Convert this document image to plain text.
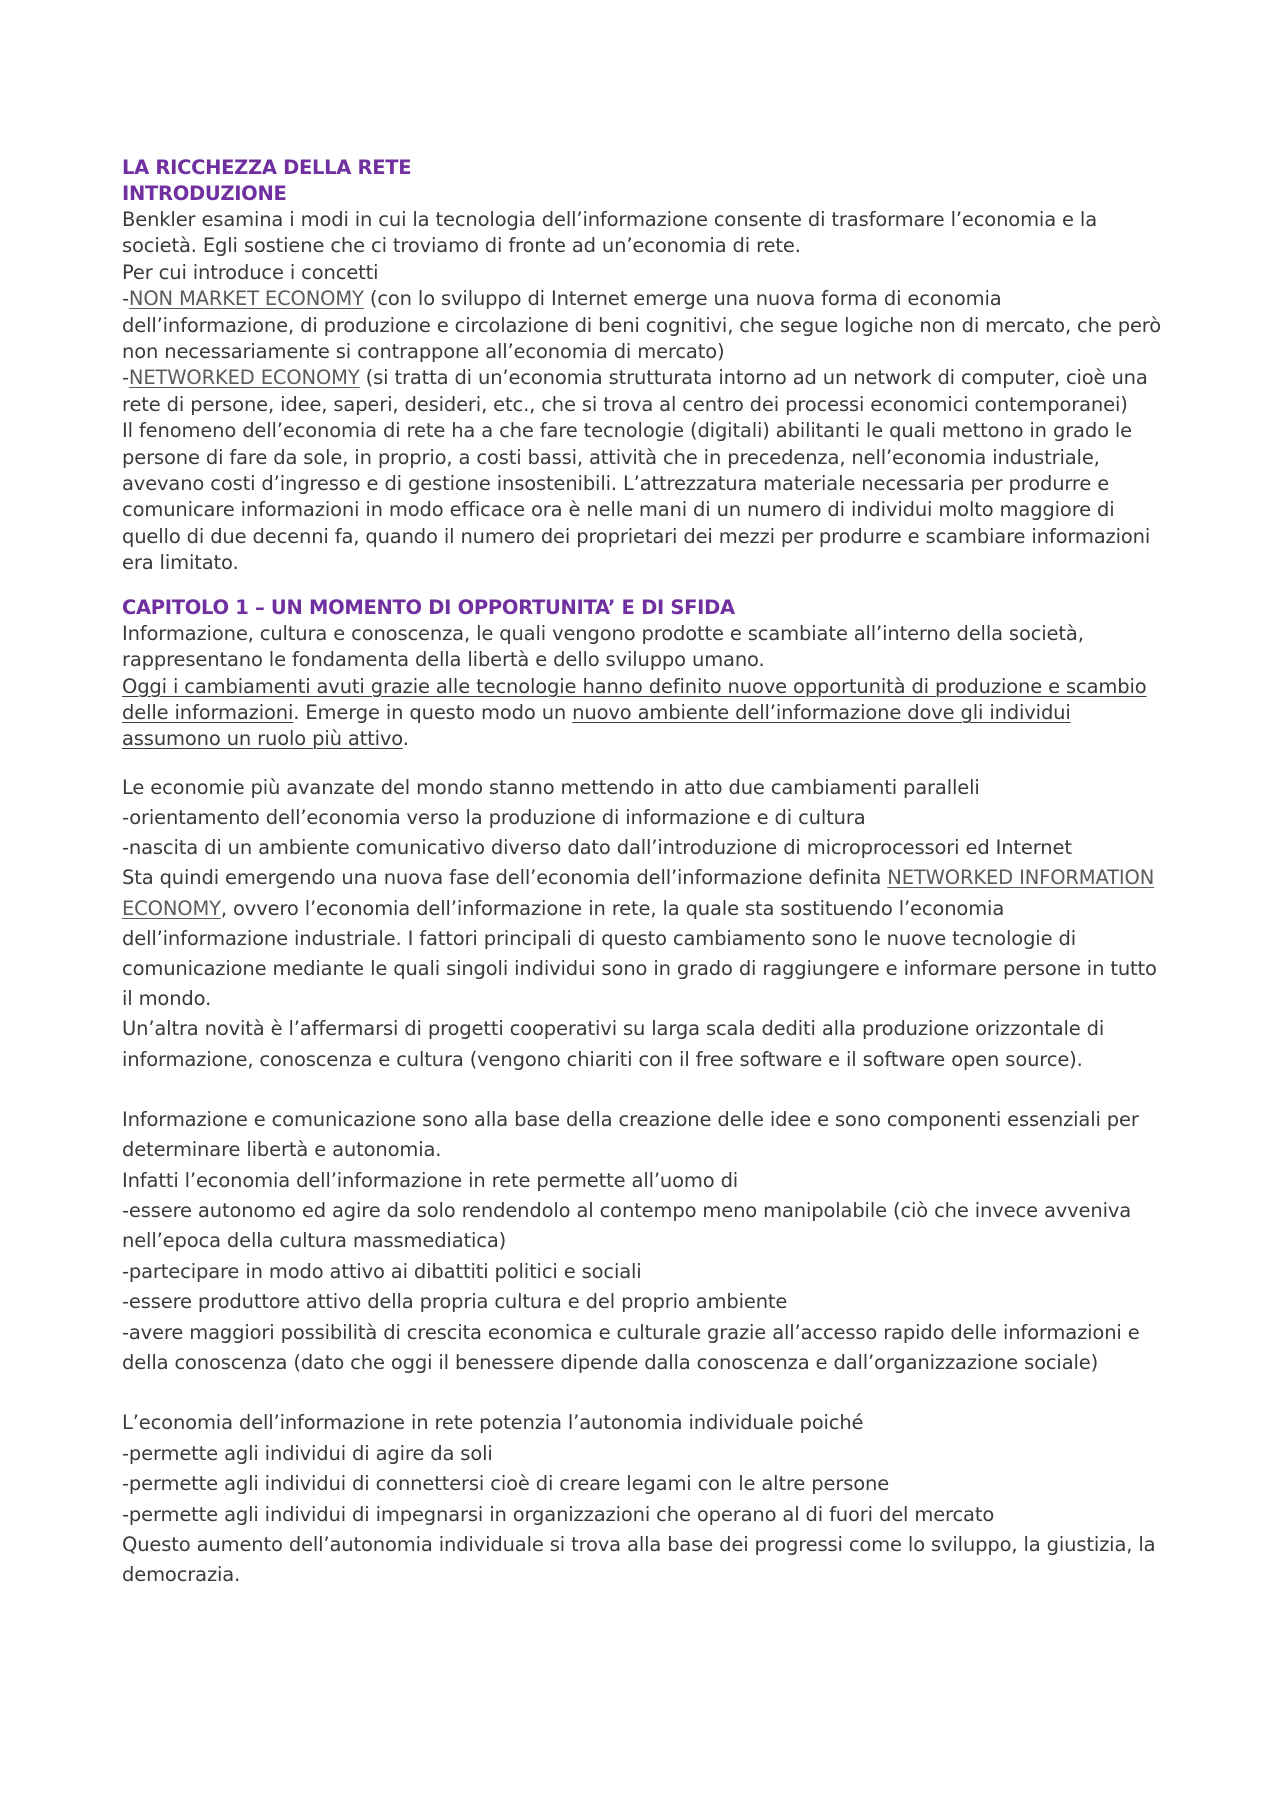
LA RICCHEZZA DELLA RETE
INTRODUZIONE

Benkler esamina i modi in cui la tecnologia dell’informazione consente di trasformare l’economia e la società. Egli sostiene che ci troviamo di fronte ad un’economia di rete.

Per cui introduce i concetti

-NON MARKET ECONOMY (con lo sviluppo di Internet emerge una nuova forma di economia dell’informazione, di produzione e circolazione di beni cognitivi, che segue logiche non di mercato, che però non necessariamente si contrappone all’economia di mercato)

-NETWORKED ECONOMY (si tratta di un’economia strutturata intorno ad un network di computer, cioè una rete di persone, idee, saperi, desideri, etc., che si trova al centro dei processi economici contemporanei)

Il fenomeno dell’economia di rete ha a che fare tecnologie (digitali) abilitanti le quali mettono in grado le persone di fare da sole, in proprio, a costi bassi, attività che in precedenza, nell’economia industriale, avevano costi d’ingresso e di gestione insostenibili. L’attrezzatura materiale necessaria per produrre e comunicare informazioni in modo efficace ora è nelle mani di un numero di individui molto maggiore di quello di due decenni fa, quando il numero dei proprietari dei mezzi per produrre e scambiare informazioni era limitato.

CAPITOLO 1 – UN MOMENTO DI OPPORTUNITA’ E DI SFIDA

Informazione, cultura e conoscenza, le quali vengono prodotte e scambiate all’interno della società, rappresentano le fondamenta della libertà e dello sviluppo umano.

Oggi i cambiamenti avuti grazie alle tecnologie hanno definito nuove opportunità di produzione e scambio delle informazioni. Emerge in questo modo un nuovo ambiente dell’informazione dove gli individui assumono un ruolo più attivo.

Le economie più avanzate del mondo stanno mettendo in atto due cambiamenti paralleli

-orientamento dell’economia verso la produzione di informazione e di cultura

-nascita di un ambiente comunicativo diverso dato dall’introduzione di microprocessori ed Internet

Sta quindi emergendo una nuova fase dell’economia dell’informazione definita NETWORKED INFORMATION ECONOMY, ovvero l’economia dell’informazione in rete, la quale sta sostituendo l’economia dell’informazione industriale. I fattori principali di questo cambiamento sono le nuove tecnologie di comunicazione mediante le quali singoli individui sono in grado di raggiungere e informare persone in tutto il mondo.

Un’altra novità è l’affermarsi di progetti cooperativi su larga scala dediti alla produzione orizzontale di informazione, conoscenza e cultura (vengono chiariti con il free software e il software open source).

Informazione e comunicazione sono alla base della creazione delle idee e sono componenti essenziali per determinare libertà e autonomia.

Infatti l’economia dell’informazione in rete permette all’uomo di

-essere autonomo ed agire da solo rendendolo al contempo meno manipolabile (ciò che invece avveniva nell’epoca della cultura massmediatica)

-partecipare in modo attivo ai dibattiti politici e sociali

-essere produttore attivo della propria cultura e del proprio ambiente

-avere maggiori possibilità di crescita economica e culturale grazie all’accesso rapido delle informazioni e della conoscenza (dato che oggi il benessere dipende dalla conoscenza e dall’organizzazione sociale)

L’economia dell’informazione in rete potenzia l’autonomia individuale poiché

-permette agli individui di agire da soli

-permette agli individui di connettersi cioè di creare legami con le altre persone

-permette agli individui di impegnarsi in organizzazioni che operano al di fuori del mercato

Questo aumento dell’autonomia individuale si trova alla base dei progressi come lo sviluppo, la giustizia, la democrazia.
